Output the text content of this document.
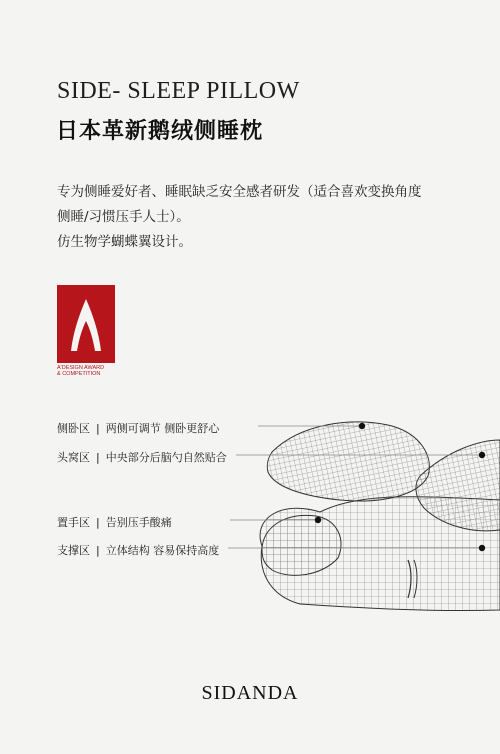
SIDE- SLEEP PILLOW
日本革新鹅绒侧睡枕
专为侧睡爱好者、睡眠缺乏安全感者研发（适合喜欢变换角度
侧睡/习惯压手人士）。
仿生物学蝴蝶翼设计。
A'DESIGN AWARD
& COMPETITION
侧卧区 | 两侧可调节 侧卧更舒心
头窝区 | 中央部分后脑勺自然贴合
置手区 | 告别压手酸痛
支撑区 | 立体结构 容易保持高度
SIDANDA
